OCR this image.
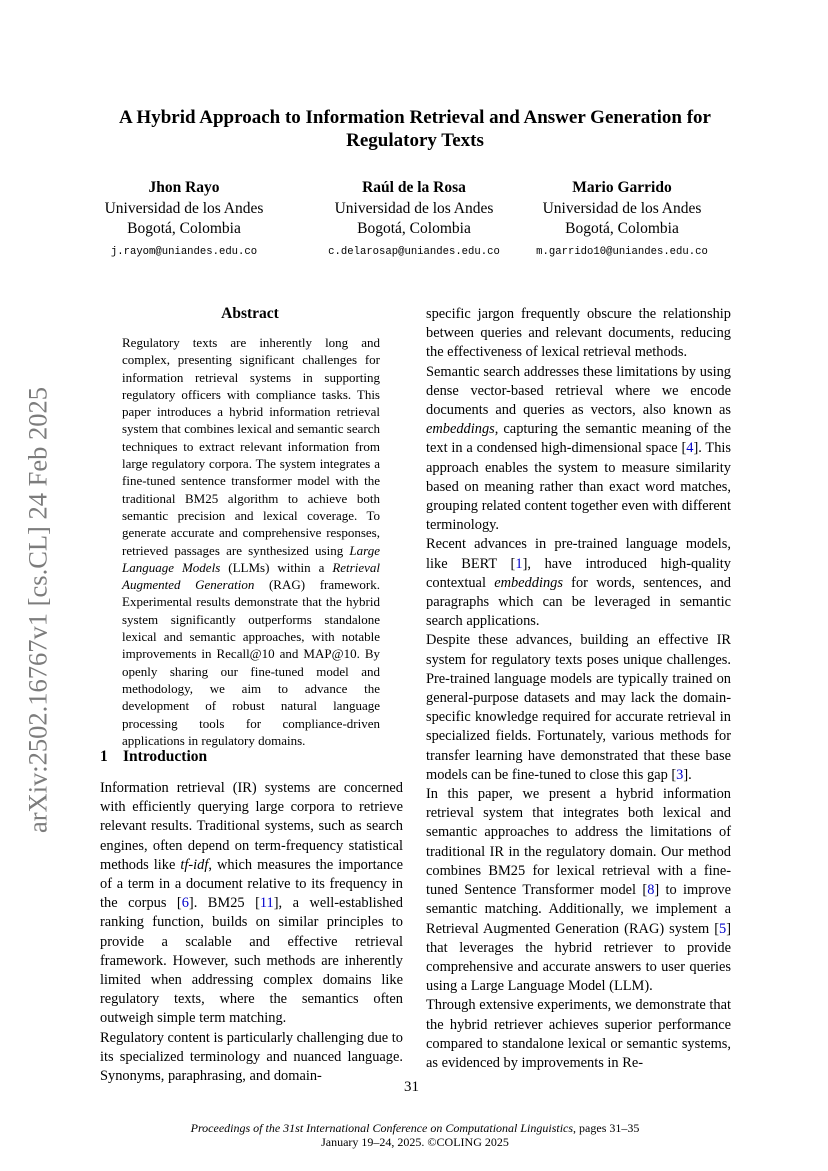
arXiv:2502.16767v1 [cs.CL] 24 Feb 2025
A Hybrid Approach to Information Retrieval and Answer Generation for Regulatory Texts
Jhon Rayo
Universidad de los Andes
Bogotá, Colombia
j.rayom@uniandes.edu.co
Raúl de la Rosa
Universidad de los Andes
Bogotá, Colombia
c.delarosap@uniandes.edu.co
Mario Garrido
Universidad de los Andes
Bogotá, Colombia
m.garrido10@uniandes.edu.co
Abstract
Regulatory texts are inherently long and complex, presenting significant challenges for information retrieval systems in supporting regulatory officers with compliance tasks. This paper introduces a hybrid information retrieval system that combines lexical and semantic search techniques to extract relevant information from large regulatory corpora. The system integrates a fine-tuned sentence transformer model with the traditional BM25 algorithm to achieve both semantic precision and lexical coverage. To generate accurate and comprehensive responses, retrieved passages are synthesized using Large Language Models (LLMs) within a Retrieval Augmented Generation (RAG) framework. Experimental results demonstrate that the hybrid system significantly outperforms standalone lexical and semantic approaches, with notable improvements in Recall@10 and MAP@10. By openly sharing our fine-tuned model and methodology, we aim to advance the development of robust natural language processing tools for compliance-driven applications in regulatory domains.
1 Introduction

Information retrieval (IR) systems are concerned with efficiently querying large corpora to retrieve relevant results. Traditional systems, such as search engines, often depend on term-frequency statistical methods like tf-idf, which measures the importance of a term in a document relative to its frequency in the corpus [6]. BM25 [11], a well-established ranking function, builds on similar principles to provide a scalable and effective retrieval framework. However, such methods are inherently limited when addressing complex domains like regulatory texts, where the semantics often outweigh simple term matching.

Regulatory content is particularly challenging due to its specialized terminology and nuanced language. Synonyms, paraphrasing, and domain-

specific jargon frequently obscure the relationship between queries and relevant documents, reducing the effectiveness of lexical retrieval methods.

Semantic search addresses these limitations by using dense vector-based retrieval where we encode documents and queries as vectors, also known as embeddings, capturing the semantic meaning of the text in a condensed high-dimensional space [4]. This approach enables the system to measure similarity based on meaning rather than exact word matches, grouping related content together even with different terminology.

Recent advances in pre-trained language models, like BERT [1], have introduced high-quality contextual embeddings for words, sentences, and paragraphs which can be leveraged in semantic search applications.

Despite these advances, building an effective IR system for regulatory texts poses unique challenges. Pre-trained language models are typically trained on general-purpose datasets and may lack the domain-specific knowledge required for accurate retrieval in specialized fields. Fortunately, various methods for transfer learning have demonstrated that these base models can be fine-tuned to close this gap [3].

In this paper, we present a hybrid information retrieval system that integrates both lexical and semantic approaches to address the limitations of traditional IR in the regulatory domain. Our method combines BM25 for lexical retrieval with a fine-tuned Sentence Transformer model [8] to improve semantic matching. Additionally, we implement a Retrieval Augmented Generation (RAG) system [5] that leverages the hybrid retriever to provide comprehensive and accurate answers to user queries using a Large Language Model (LLM).

Through extensive experiments, we demonstrate that the hybrid retriever achieves superior performance compared to standalone lexical or semantic systems, as evidenced by improvements in Re-

31
Proceedings of the 31st International Conference on Computational Linguistics, pages 31–35
January 19–24, 2025. ©COLING 2025
